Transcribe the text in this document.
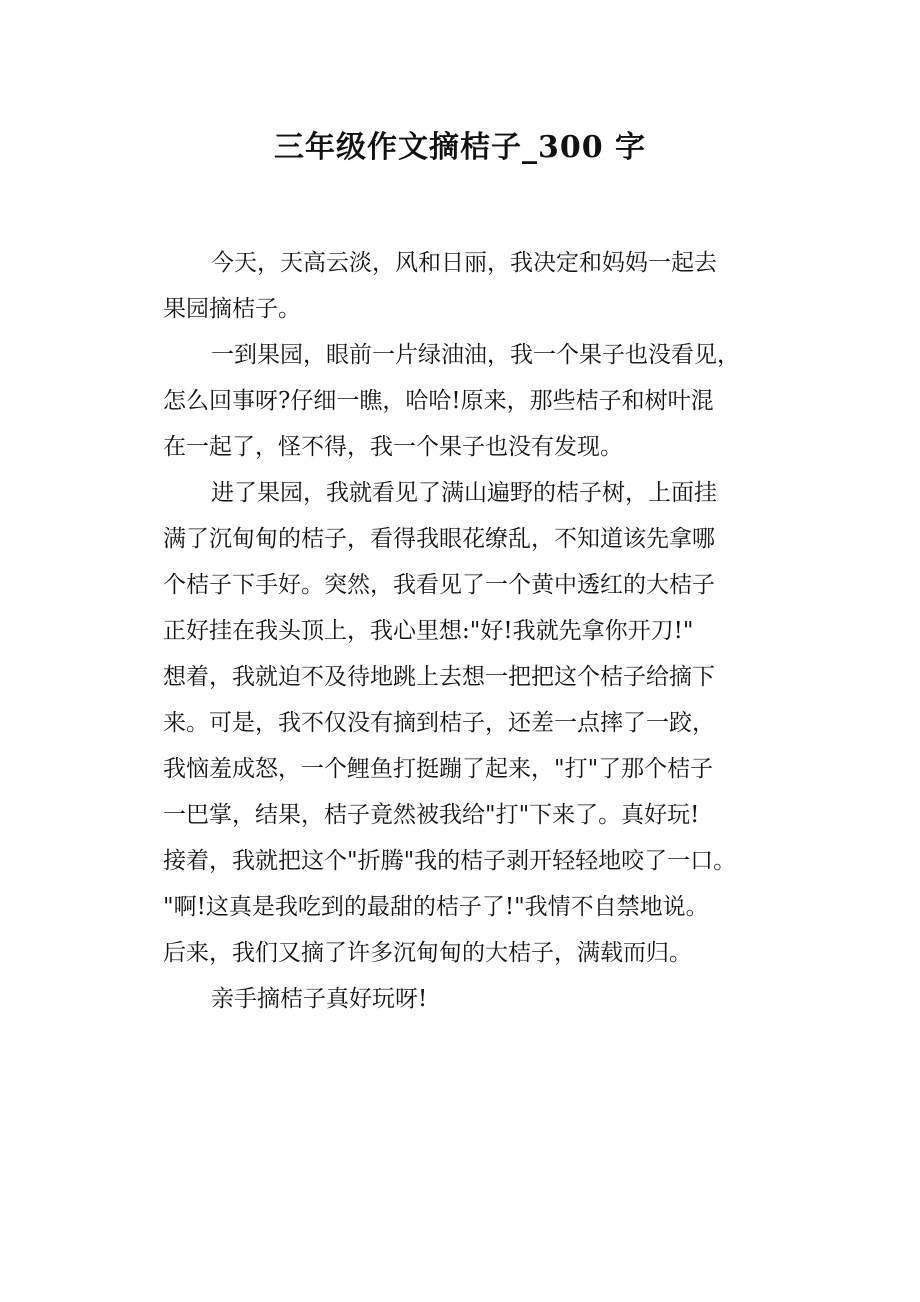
三年级作文摘桔子_300 字
今天，天高云淡，风和日丽，我决定和妈妈一起去
果园摘桔子。
一到果园，眼前一片绿油油，我一个果子也没看见，
怎么回事呀?仔细一瞧，哈哈!原来，那些桔子和树叶混
在一起了，怪不得，我一个果子也没有发现。
进了果园，我就看见了满山遍野的桔子树，上面挂
满了沉甸甸的桔子，看得我眼花缭乱，不知道该先拿哪
个桔子下手好。突然，我看见了一个黄中透红的大桔子
正好挂在我头顶上，我心里想:"好!我就先拿你开刀!"
想着，我就迫不及待地跳上去想一把把这个桔子给摘下
来。可是，我不仅没有摘到桔子，还差一点摔了一跤，
我恼羞成怒，一个鲤鱼打挺蹦了起来，"打"了那个桔子
一巴掌，结果，桔子竟然被我给"打"下来了。真好玩!
接着，我就把这个"折腾"我的桔子剥开轻轻地咬了一口。
"啊!这真是我吃到的最甜的桔子了!"我情不自禁地说。
后来，我们又摘了许多沉甸甸的大桔子，满载而归。
亲手摘桔子真好玩呀!
